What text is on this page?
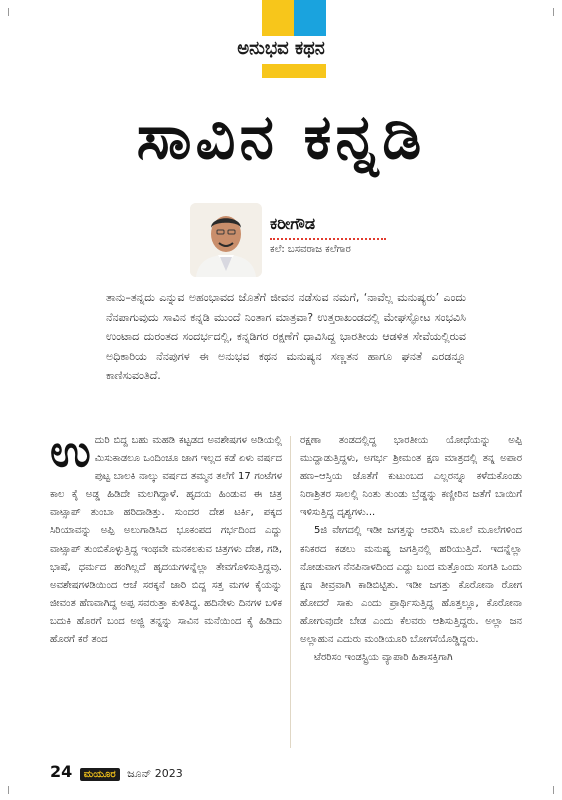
ಅನುಭವ ಕಥನ
ಸಾವಿನ ಕನ್ನಡಿ
ಕರೀಗೌಡ
ಕಲೆ: ಬಸವರಾಜ ಕಲೆಗಾರ
ತಾನು–ತನ್ನದು ಎನ್ನುವ ಅಹಂಭಾವದ ಜೊತೆಗೆ ಜೀವನ ನಡೆಸುವ ನಮಗೆ, ‘ನಾವೆಲ್ಲ ಮನುಷ್ಯರು’ ಎಂದು ನೆನಪಾಗುವುದು ಸಾವಿನ ಕನ್ನಡಿ ಮುಂದೆ ನಿಂತಾಗ ಮಾತ್ರವಾ? ಉತ್ತರಾಖಂಡದಲ್ಲಿ ಮೇಘಸ್ಫೋಟ ಸಂಭವಿಸಿ ಉಂಟಾದ ದುರಂತದ ಸಂದರ್ಭದಲ್ಲಿ, ಕನ್ನಡಿಗರ ರಕ್ಷಣೆಗೆ ಧಾವಿಸಿದ್ದ ಭಾರತೀಯ ಆಡಳಿತ ಸೇವೆಯಲ್ಲಿರುವ ಅಧಿಕಾರಿಯ ನೆನಪುಗಳ ಈ ಅನುಭವ ಕಥನ ಮನುಷ್ಯನ ಸಣ್ಣತನ ಹಾಗೂ ಘನತೆ ಎರಡನ್ನೂ ಕಾಣಿಸುವಂತಿದೆ.

ಉದುರಿ ಬಿದ್ದ ಬಹು ಮಹಡಿ ಕಟ್ಟಡದ ಅವಶೇಷಗಳ ಅಡಿಯಲ್ಲಿ ಮಿಸುಕಾಡಲೂ ಒಂದಿಂಚೂ ಜಾಗ ಇಲ್ಲದ ಕಡೆ ಏಳು ವರ್ಷದ ಪುಟ್ಟ ಬಾಲಕಿ ನಾಲ್ಕು ವರ್ಷದ ತಮ್ಮನ ತಲೆಗೆ 17 ಗಂಟೆಗಳ ಕಾಲ ಕೈ ಅಡ್ಡ ಹಿಡಿದೇ ಮಲಗಿದ್ದಾಳೆ. ಹೃದಯ ಹಿಂಡುವ ಈ ಚಿತ್ರ ವಾಟ್ಸಾಪ್ ತುಂಬಾ ಹರಿದಾಡಿತ್ತು. ಸುಂದರ ದೇಶ ಟರ್ಕಿ, ಪಕ್ಕದ ಸಿರಿಯಾವನ್ನು ಅಪ್ಪಿ ಅಲುಗಾಡಿಸಿದ ಭೂಕಂಪದ ಗರ್ಭದಿಂದ ಎದ್ದು ವಾಟ್ಸಾಪ್ ತುಂಬಿಕೊಳ್ಳುತ್ತಿದ್ದ ಇಂಥವೇ ಮನಕಲಕುವ ಚಿತ್ರಗಳು ದೇಶ, ಗಡಿ, ಭಾಷೆ, ಧರ್ಮದ ಹಂಗಿಲ್ಲದೆ ಹೃದಯಗಳನ್ನೆಲ್ಲಾ ತೇವಗೊಳಿಸುತ್ತಿದ್ದವು. ಅವಶೇಷಗಳಡಿಯಿಂದ ಆಚೆ ಸರಕ್ಕನೆ ಜಾರಿ ಬಿದ್ದ ಸತ್ತ ಮಗಳ ಕೈಯನ್ನು ಜೀವಂತ ಹೆಣವಾಗಿದ್ದ ಅಪ್ಪ ಸವರುತ್ತಾ ಕುಳಿತಿದ್ದ. ಹದಿನೇಳು ದಿನಗಳ ಬಳಿಕ ಬದುಕಿ ಹೊರಗೆ ಬಂದ ಅಜ್ಜಿ ತನ್ನನ್ನು ಸಾವಿನ ಮನೆಯಿಂದ ಕೈ ಹಿಡಿದು ಹೊರಗೆ ಕರೆ ತಂದ

ರಕ್ಷಣಾ ತಂಡದಲ್ಲಿದ್ದ ಭಾರತೀಯ ಯೋಧೆಯನ್ನು ಅಪ್ಪಿ ಮುದ್ದಾಡುತ್ತಿದ್ದಳು, ಅಗರ್ಭ ಶ್ರೀಮಂತ ಕ್ಷಣ ಮಾತ್ರದಲ್ಲಿ ತನ್ನ ಅಪಾರ ಹಣ–ಆಸ್ತಿಯ ಜೊತೆಗೆ ಕುಟುಂಬದ ಎಲ್ಲರನ್ನೂ ಕಳೆದುಕೊಂಡು ನಿರಾಶ್ರಿತರ ಸಾಲಲ್ಲಿ ನಿಂತು ತುಂಡು ಬ್ರೆಡ್ಡನ್ನು ಕಣ್ಣೀರಿನ ಜತೆಗೆ ಬಾಯಿಗೆ ಇಳಿಸುತ್ತಿದ್ದ ದೃಶ್ಯಗಳು...

5ಜಿ ವೇಗದಲ್ಲಿ ಇಡೀ ಜಗತ್ತನ್ನು ಆವರಿಸಿ ಮೂಲೆ ಮೂಲೆಗಳಿಂದ ಕನಿಕರದ ಕಡಲು ಮನುಷ್ಯ ಜಗತ್ತಿನಲ್ಲಿ ಹರಿಯುತ್ತಿದೆ. ಇದನ್ನೆಲ್ಲಾ ನೋಡುವಾಗ ನೆನಪಿನಾಳದಿಂದ ಎದ್ದು ಬಂದ ಮತ್ತೊಂದು ಸಂಗತಿ ಒಂದು ಕ್ಷಣ ತೀವ್ರವಾಗಿ ಕಾಡಿಬಿಟ್ಟಿತು. ಇಡೀ ಜಗತ್ತು ಕೊರೋನಾ ರೋಗ ಹೋದರೆ ಸಾಕು ಎಂದು ಪ್ರಾರ್ಥಿಸುತ್ತಿದ್ದ ಹೊತ್ತಲ್ಲೂ, ಕೊರೋನಾ ಹೋಗುವುದೇ ಬೇಡ ಎಂದು ಕೆಲವರು ಆಶಿಸುತ್ತಿದ್ದರು. ಅಲ್ಲಾ ಜನ ಅಲ್ಲಾಹುನ ಎದುರು ಮಂಡಿಯೂರಿ ಬೋಗಸೆಯೊಡ್ಡಿದ್ದರು.

ಟೆರರಿಸಂ ಇಂಡಸ್ಟ್ರಿಯ ವ್ಯಾಪಾರಿ ಹಿತಾಸಕ್ತಿಗಾಗಿ

24 ಮಯೂರ ಜೂನ್ 2023
